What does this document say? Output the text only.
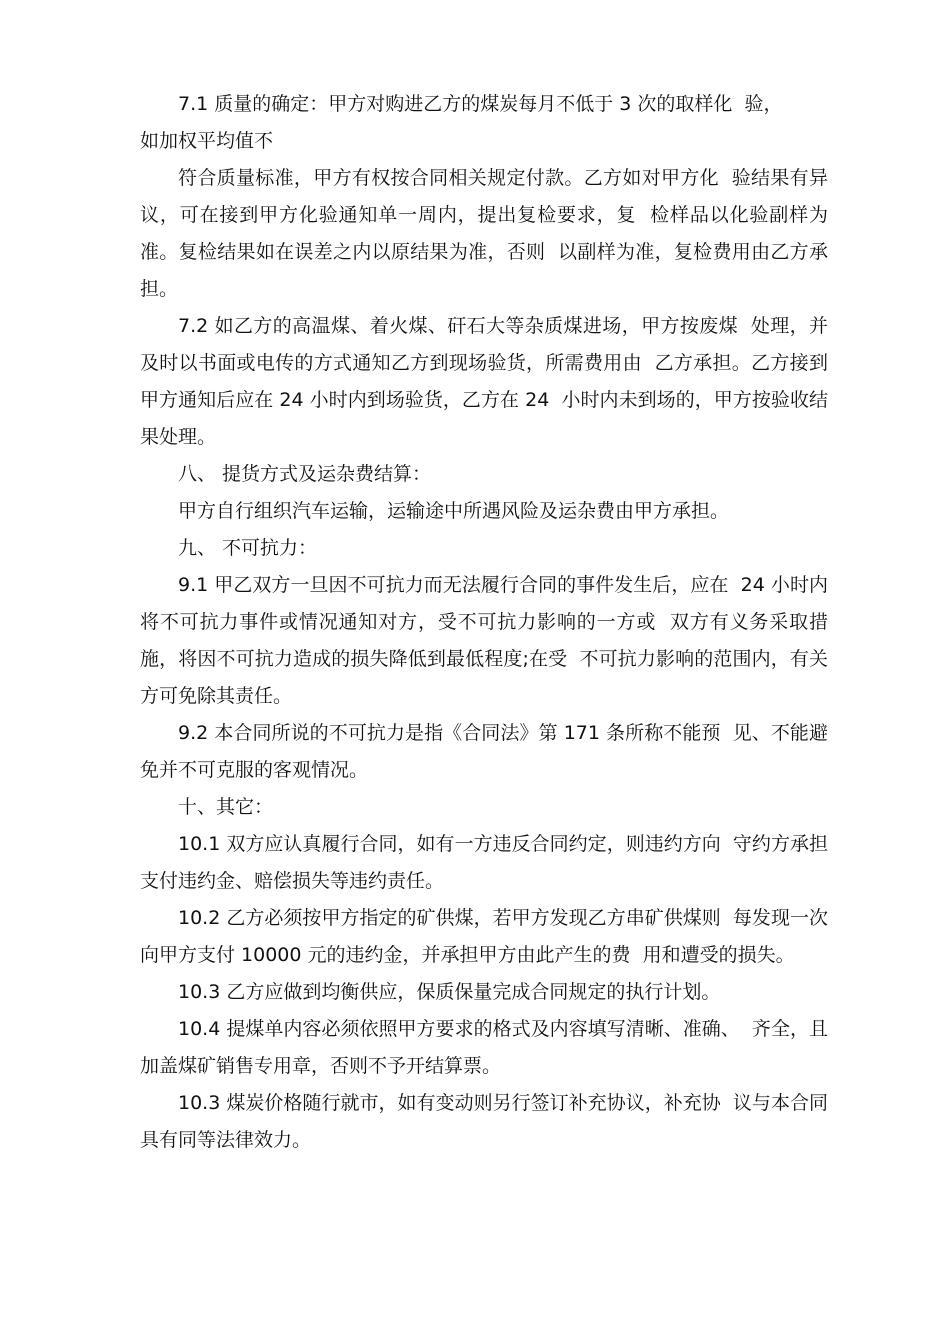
7.1 质量的确定：甲方对购进乙方的煤炭每月不低于 3 次的取样化  验，

如加权平均值不

符合质量标准，甲方有权按合同相关规定付款。乙方如对甲方化  验结果有异议，可在接到甲方化验通知单一周内，提出复检要求，复  检样品以化验副样为准。复检结果如在误差之内以原结果为准，否则  以副样为准，复检费用由乙方承担。

7.2 如乙方的高温煤、着火煤、矸石大等杂质煤进场，甲方按废煤  处理，并及时以书面或电传的方式通知乙方到现场验货，所需费用由  乙方承担。乙方接到甲方通知后应在 24 小时内到场验货，乙方在 24  小时内未到场的，甲方按验收结果处理。

八、 提货方式及运杂费结算：

甲方自行组织汽车运输，运输途中所遇风险及运杂费由甲方承担。

九、 不可抗力：

9.1 甲乙双方一旦因不可抗力而无法履行合同的事件发生后，应在  24 小时内将不可抗力事件或情况通知对方，受不可抗力影响的一方或  双方有义务采取措施，将因不可抗力造成的损失降低到最低程度;在受  不可抗力影响的范围内，有关方可免除其责任。

9.2 本合同所说的不可抗力是指《合同法》第 171 条所称不能预  见、不能避免并不可克服的客观情况。

十、其它：

10.1 双方应认真履行合同，如有一方违反合同约定，则违约方向  守约方承担支付违约金、赔偿损失等违约责任。

10.2 乙方必须按甲方指定的矿供煤，若甲方发现乙方串矿供煤则  每发现一次向甲方支付 10000 元的违约金，并承担甲方由此产生的费  用和遭受的损失。

10.3 乙方应做到均衡供应，保质保量完成合同规定的执行计划。

10.4 提煤单内容必须依照甲方要求的格式及内容填写清晰、准确、  齐全，且加盖煤矿销售专用章，否则不予开结算票。

10.3 煤炭价格随行就市，如有变动则另行签订补充协议，补充协  议与本合同具有同等法律效力。
